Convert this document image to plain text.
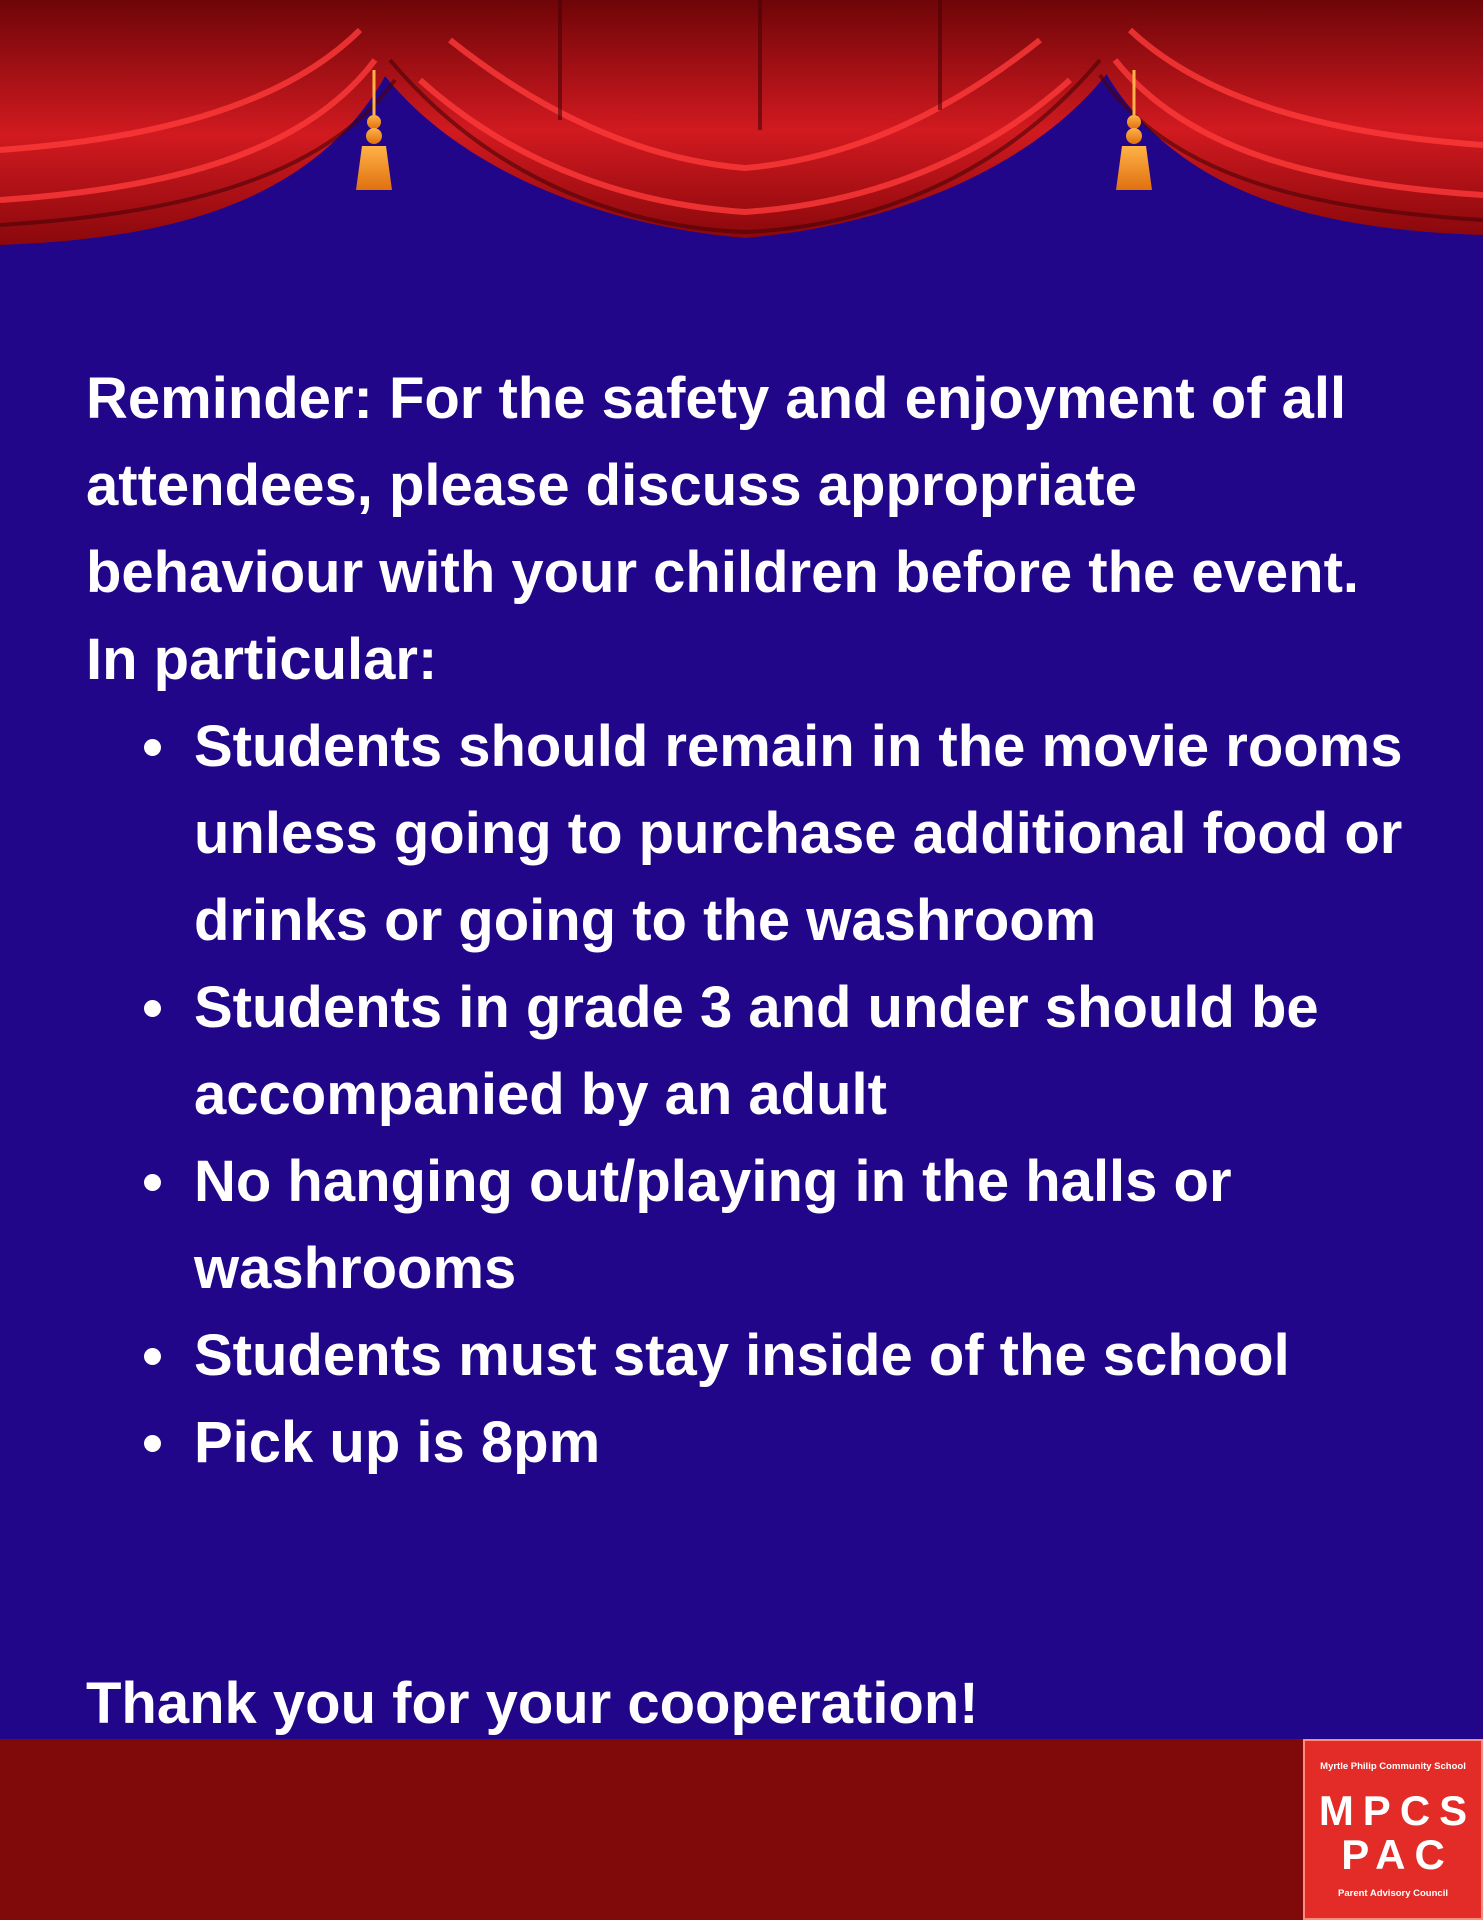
Reminder: For the safety and enjoyment of all attendees, please discuss appropriate behaviour with your children before the event. In particular:

Students should remain in the movie rooms unless going to purchase additional food or drinks or going to the washroom
Students in grade 3 and under should be accompanied by an adult
No hanging out/playing in the halls or washrooms
Students must stay inside of the school
Pick up is 8pm

Thank you for your cooperation!

Myrtle Philip Community School
MPCS
PAC
Parent Advisory Council
